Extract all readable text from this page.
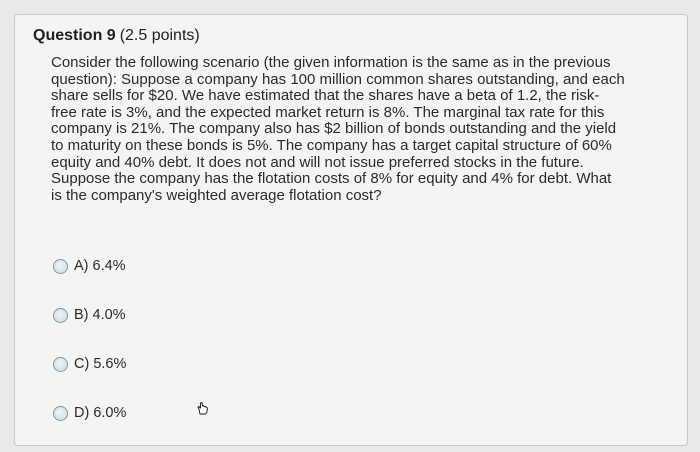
Question 9 (2.5 points)
Consider the following scenario (the given information is the same as in the previous
question): Suppose a company has 100 million common shares outstanding, and each
share sells for $20. We have estimated that the shares have a beta of 1.2, the risk-
free rate is 3%, and the expected market return is 8%. The marginal tax rate for this
company is 21%. The company also has $2 billion of bonds outstanding and the yield
to maturity on these bonds is 5%. The company has a target capital structure of 60%
equity and 40% debt. It does not and will not issue preferred stocks in the future.
Suppose the company has the flotation costs of 8% for equity and 4% for debt. What
is the company's weighted average flotation cost?
A) 6.4%
B) 4.0%
C) 5.6%
D) 6.0%
